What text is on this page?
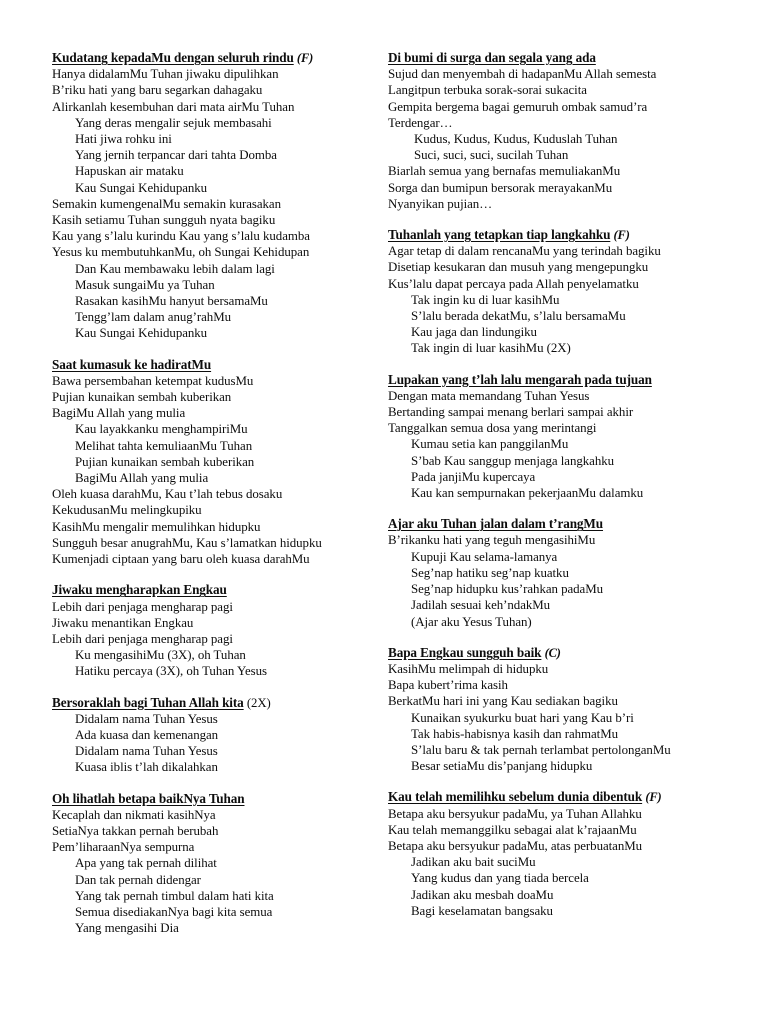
Kudatang kepadaMu dengan seluruh rindu (F)
Hanya didalamMu Tuhan jiwaku dipulihkan
B’riku hati yang baru segarkan dahagaku
Alirkanlah kesembuhan dari mata airMu Tuhan
Yang deras mengalir sejuk membasahi
Hati jiwa rohku ini
Yang jernih terpancar dari tahta Domba
Hapuskan air mataku
Kau Sungai Kehidupanku
Semakin kumengenalMu semakin kurasakan
Kasih setiamu Tuhan sungguh nyata bagiku
Kau yang s’lalu kurindu Kau yang s’lalu kudamba
Yesus ku membutuhkanMu, oh Sungai Kehidupan
Dan Kau membawaku lebih dalam lagi
Masuk sungaiMu ya Tuhan
Rasakan kasihMu hanyut bersamaMu
Tengg’lam dalam anug’rahMu
Kau Sungai Kehidupanku
Saat kumasuk ke hadiratMu
Bawa persembahan ketempat kudusMu
Pujian kunaikan sembah kuberikan
BagiMu Allah yang mulia
Kau layakkanku menghampiriMu
Melihat tahta kemuliaanMu Tuhan
Pujian kunaikan sembah kuberikan
BagiMu Allah yang mulia
Oleh kuasa darahMu, Kau t’lah tebus dosaku
KekudusanMu melingkupiku
KasihMu mengalir memulihkan hidupku
Sungguh besar anugrahMu, Kau s’lamatkan hidupku
Kumenjadi ciptaan yang baru oleh kuasa darahMu
Jiwaku mengharapkan Engkau
Lebih dari penjaga mengharap pagi
Jiwaku menantikan Engkau
Lebih dari penjaga mengharap pagi
Ku mengasihiMu (3X), oh Tuhan
Hatiku percaya (3X), oh Tuhan Yesus
Bersoraklah bagi Tuhan Allah kita (2X)
Didalam nama Tuhan Yesus
Ada kuasa dan kemenangan
Didalam nama Tuhan Yesus
Kuasa iblis t’lah dikalahkan
Oh lihatlah betapa baikNya Tuhan
Kecaplah dan nikmati kasihNya
SetiaNya takkan pernah berubah
Pem’liharaanNya sempurna
Apa yang tak pernah dilihat
Dan tak pernah didengar
Yang tak pernah timbul dalam hati kita
Semua disediakanNya bagi kita semua
Yang mengasihi Dia
Di bumi di surga dan segala yang ada
Sujud dan menyembah di hadapanMu Allah semesta
Langitpun terbuka sorak-sorai sukacita
Gempita bergema bagai gemuruh ombak samud’ra
Terdengar…
Kudus, Kudus, Kudus, Kuduslah Tuhan
Suci, suci, suci, sucilah Tuhan
Biarlah semua yang bernafas memuliakanMu
Sorga dan bumipun bersorak merayakanMu
Nyanyikan pujian…
Tuhanlah yang tetapkan tiap langkahku (F)
Agar tetap di dalam rencanaMu yang terindah bagiku
Disetiap kesukaran dan musuh yang mengepungku
Kus’lalu dapat percaya pada Allah penyelamatku
Tak ingin ku di luar kasihMu
S’lalu berada dekatMu, s’lalu bersamaMu
Kau jaga dan lindungiku
Tak ingin di luar kasihMu (2X)
Lupakan yang t’lah lalu mengarah pada tujuan
Dengan mata memandang Tuhan Yesus
Bertanding sampai menang berlari sampai akhir
Tanggalkan semua dosa yang merintangi
Kumau setia kan panggilanMu
S’bab Kau sanggup menjaga langkahku
Pada janjiMu kupercaya
Kau kan sempurnakan pekerjaanMu dalamku
Ajar aku Tuhan jalan dalam t’rangMu
B’rikanku hati yang teguh mengasihiMu
Kupuji Kau selama-lamanya
Seg’nap hatiku seg’nap kuatku
Seg’nap hidupku kus’rahkan padaMu
Jadilah sesuai keh’ndakMu
(Ajar aku Yesus Tuhan)
Bapa Engkau sungguh baik (C)
KasihMu melimpah di hidupku
Bapa kubert’rima kasih
BerkatMu hari ini yang Kau sediakan bagiku
Kunaikan syukurku buat hari yang Kau b’ri
Tak habis-habisnya kasih dan rahmatMu
S’lalu baru & tak pernah terlambat pertolonganMu
Besar setiaMu dis’panjang hidupku
Kau telah memilihku sebelum dunia dibentuk (F)
Betapa aku bersyukur padaMu, ya Tuhan Allahku
Kau telah memanggilku sebagai alat k’rajaanMu
Betapa aku bersyukur padaMu, atas perbuatanMu
Jadikan aku bait suciMu
Yang kudus dan yang tiada bercela
Jadikan aku mesbah doaMu
Bagi keselamatan bangsaku
